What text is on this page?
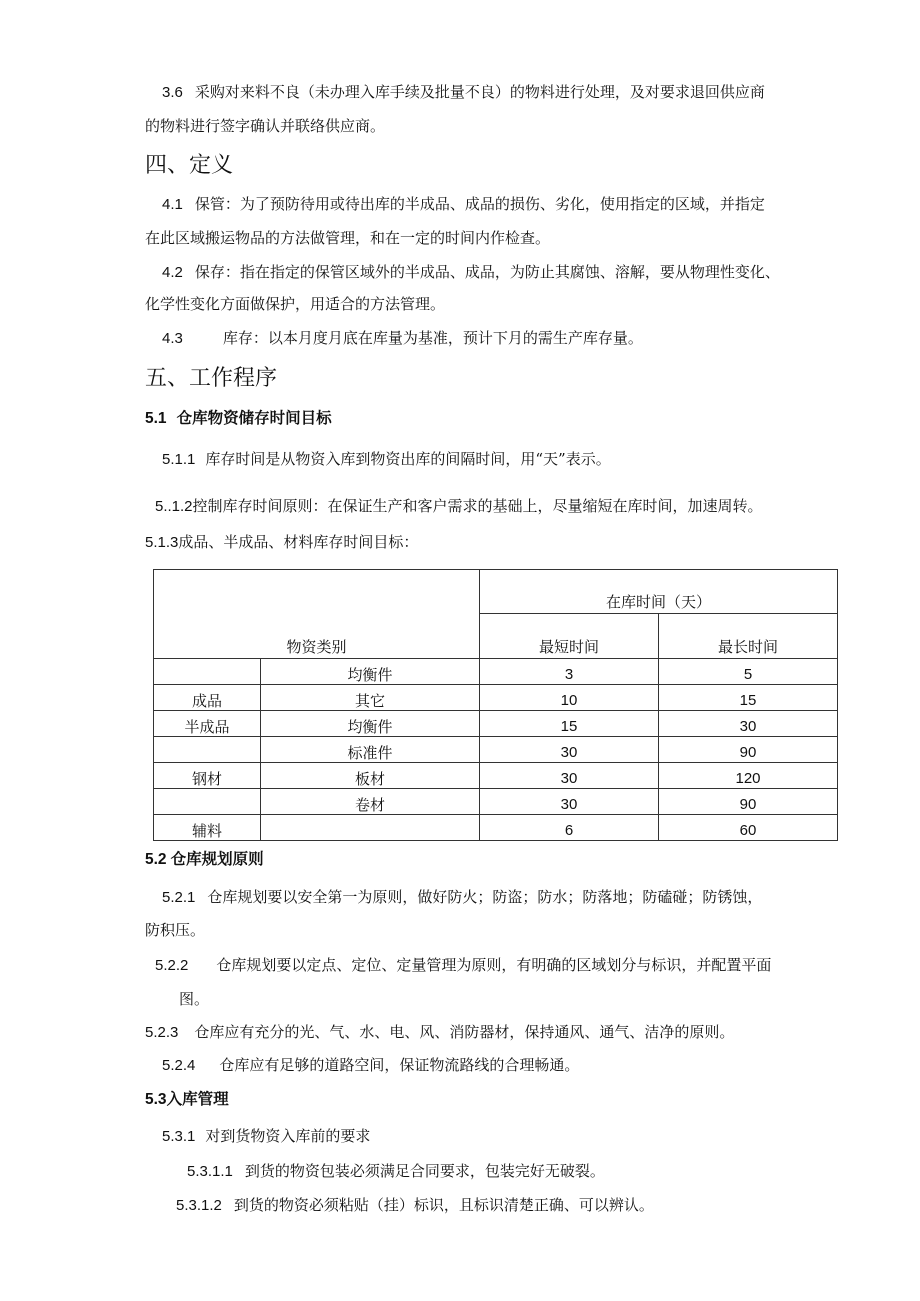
3.6 采购对来料不良（未办理入库手续及批量不良）的物料进行处理，及对要求退回供应商
的物料进行签字确认并联络供应商。
四、定义
4.1 保管：为了预防待用或待出库的半成品、成品的损伤、劣化，使用指定的区域，并指定
在此区域搬运物品的方法做管理，和在一定的时间内作检查。
4.2 保存：指在指定的保管区域外的半成品、成品，为防止其腐蚀、溶解，要从物理性变化、
化学性变化方面做保护，用适合的方法管理。
4.3	库存：以本月度月底在库量为基准，预计下月的需生产库存量。
五、工作程序
5.1 仓库物资储存时间目标
5.1.1 库存时间是从物资入库到物资出库的间隔时间，用“天”表示。
5..1.2控制库存时间原则：在保证生产和客户需求的基础上，尽量缩短在库时间，加速周转。
5.1.3成品、半成品、材料库存时间目标：
物资类别		在库时间（天）	
		最短时间	最长时间
	均衡件	3	5
成品	其它	10	15
半成品	均衡件	15	30
	标准件	30	90
钢材	板材	30	120
	卷材	30	90
辅料		6	60
5.2 仓库规划原则
5.2.1 仓库规划要以安全第一为原则，做好防火；防盗；防水；防落地；防磕碰；防锈蚀，
防积压。
5.2.2 仓库规划要以定点、定位、定量管理为原则，有明确的区域划分与标识，并配置平面
图。
5.2.3 仓库应有充分的光、气、水、电、风、消防器材，保持通风、通气、洁净的原则。
5.2.4 仓库应有足够的道路空间，保证物流路线的合理畅通。
5.3入库管理
5.3.1 对到货物资入库前的要求
5.3.1.1 到货的物资包装必须满足合同要求，包装完好无破裂。
5.3.1.2 到货的物资必须粘贴（挂）标识，且标识清楚正确、可以辨认。
